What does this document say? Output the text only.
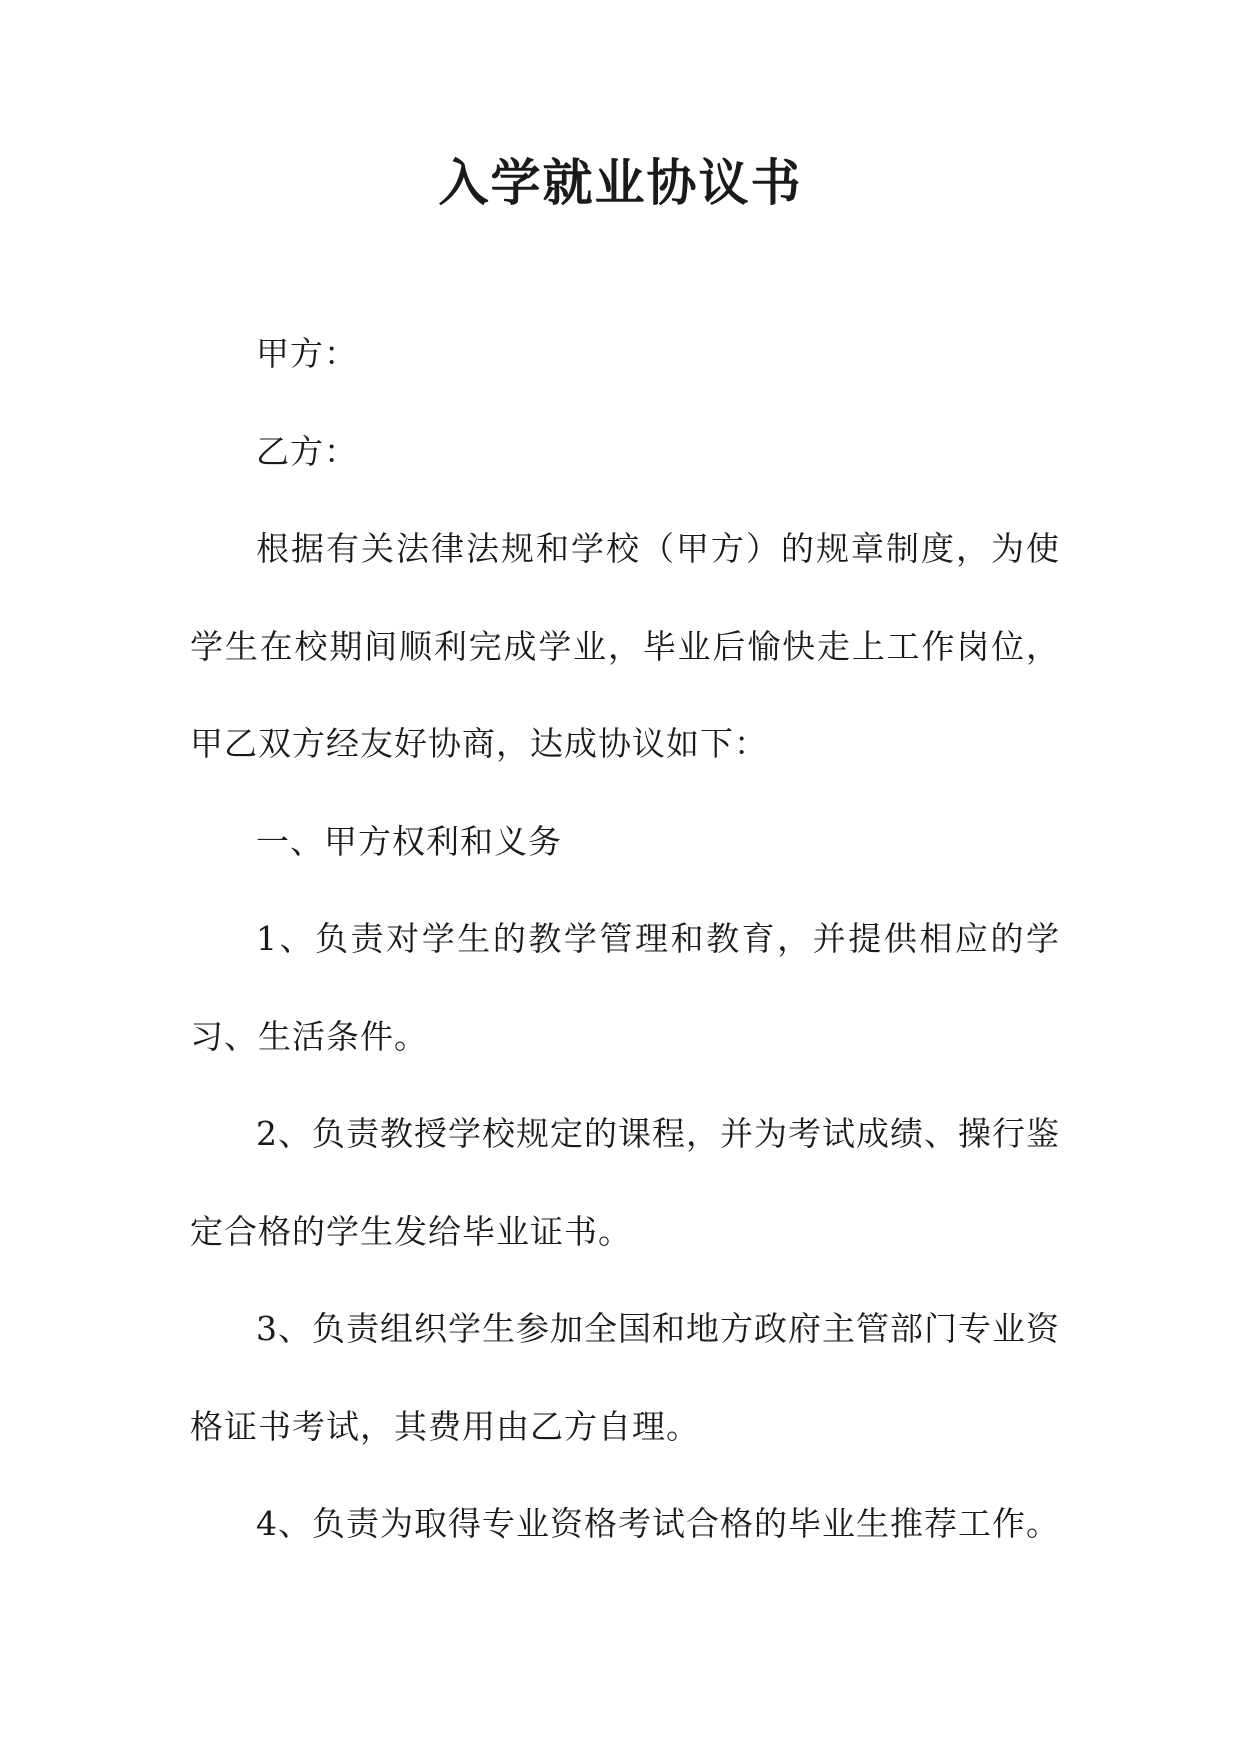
入学就业协议书

甲方：

乙方：

根据有关法律法规和学校（甲方）的规章制度，为使学生在校期间顺利完成学业，毕业后愉快走上工作岗位，甲乙双方经友好协商，达成协议如下：

一、甲方权利和义务

1、负责对学生的教学管理和教育，并提供相应的学习、生活条件。

2、负责教授学校规定的课程，并为考试成绩、操行鉴定合格的学生发给毕业证书。

3、负责组织学生参加全国和地方政府主管部门专业资格证书考试，其费用由乙方自理。

4、负责为取得专业资格考试合格的毕业生推荐工作。
